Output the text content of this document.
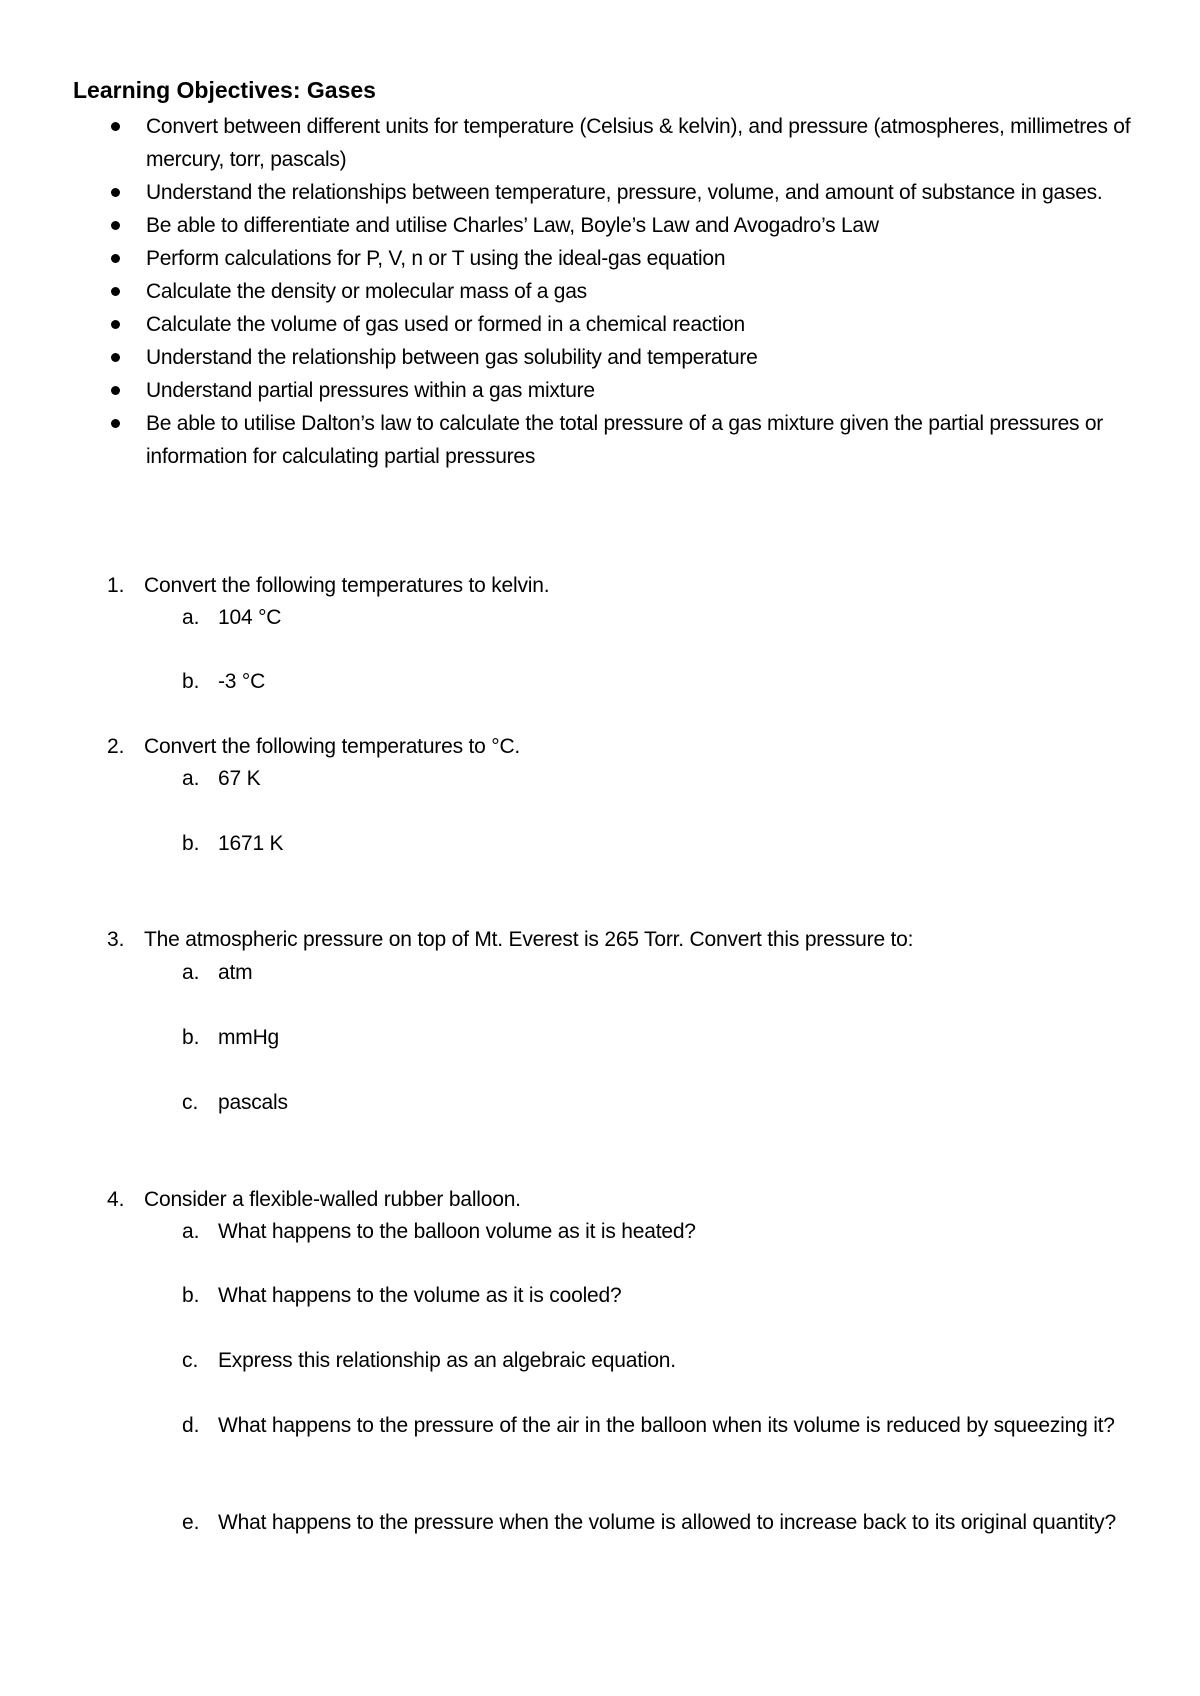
Learning Objectives: Gases
Convert between different units for temperature (Celsius & kelvin), and pressure (atmospheres, millimetres of mercury, torr, pascals)
Understand the relationships between temperature, pressure, volume, and amount of substance in gases.
Be able to differentiate and utilise Charles’ Law, Boyle’s Law and Avogadro’s Law
Perform calculations for P, V, n or T using the ideal-gas equation
Calculate the density or molecular mass of a gas
Calculate the volume of gas used or formed in a chemical reaction
Understand the relationship between gas solubility and temperature
Understand partial pressures within a gas mixture
Be able to utilise Dalton’s law to calculate the total pressure of a gas mixture given the partial pressures or information for calculating partial pressures
1. Convert the following temperatures to kelvin.
a. 104 °C
b. -3 °C
2. Convert the following temperatures to °C.
a. 67 K
b. 1671 K
3. The atmospheric pressure on top of Mt. Everest is 265 Torr. Convert this pressure to:
a. atm
b. mmHg
c. pascals
4. Consider a flexible-walled rubber balloon.
a. What happens to the balloon volume as it is heated?
b. What happens to the volume as it is cooled?
c. Express this relationship as an algebraic equation.
d. What happens to the pressure of the air in the balloon when its volume is reduced by squeezing it?
e. What happens to the pressure when the volume is allowed to increase back to its original quantity?
